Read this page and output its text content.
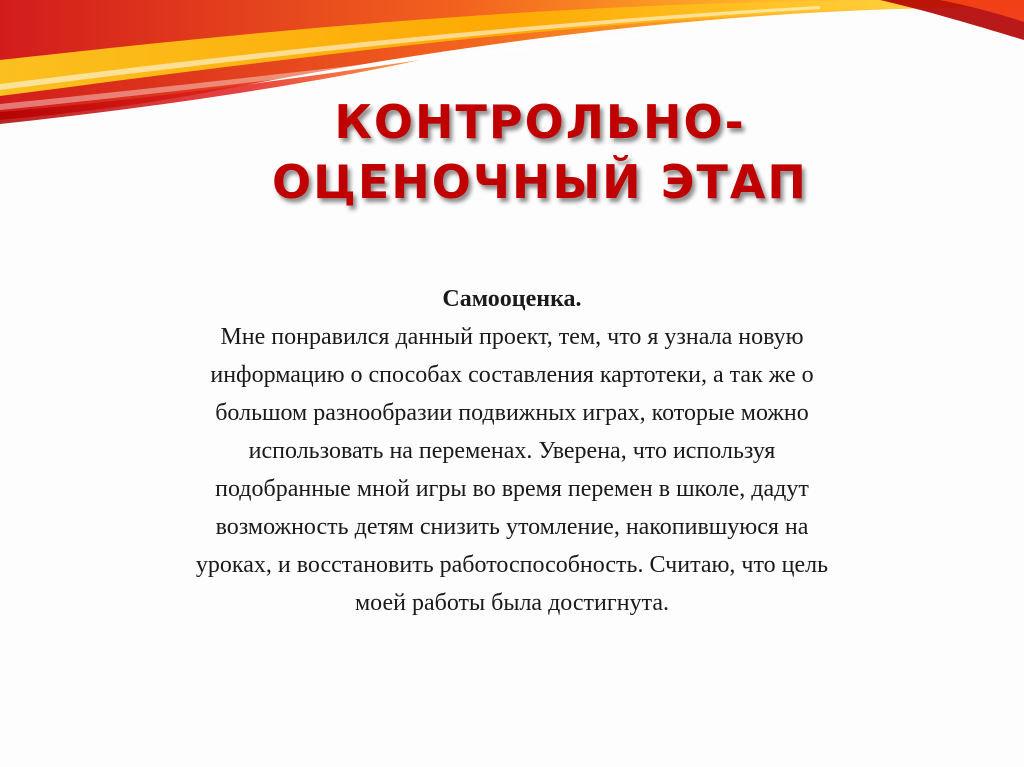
КОНТРОЛЬНО-
ОЦЕНОЧНЫЙ ЭТАП
Самооценка.
Мне понравился данный проект, тем, что я узнала новую
информацию о способах составления картотеки, а так же о
большом разнообразии подвижных играх, которые можно
использовать на переменах. Уверена, что используя
подобранные мной игры во время перемен в школе, дадут
возможность детям снизить утомление, накопившуюся на
уроках, и восстановить работоспособность. Считаю, что цель
моей работы была достигнута.
